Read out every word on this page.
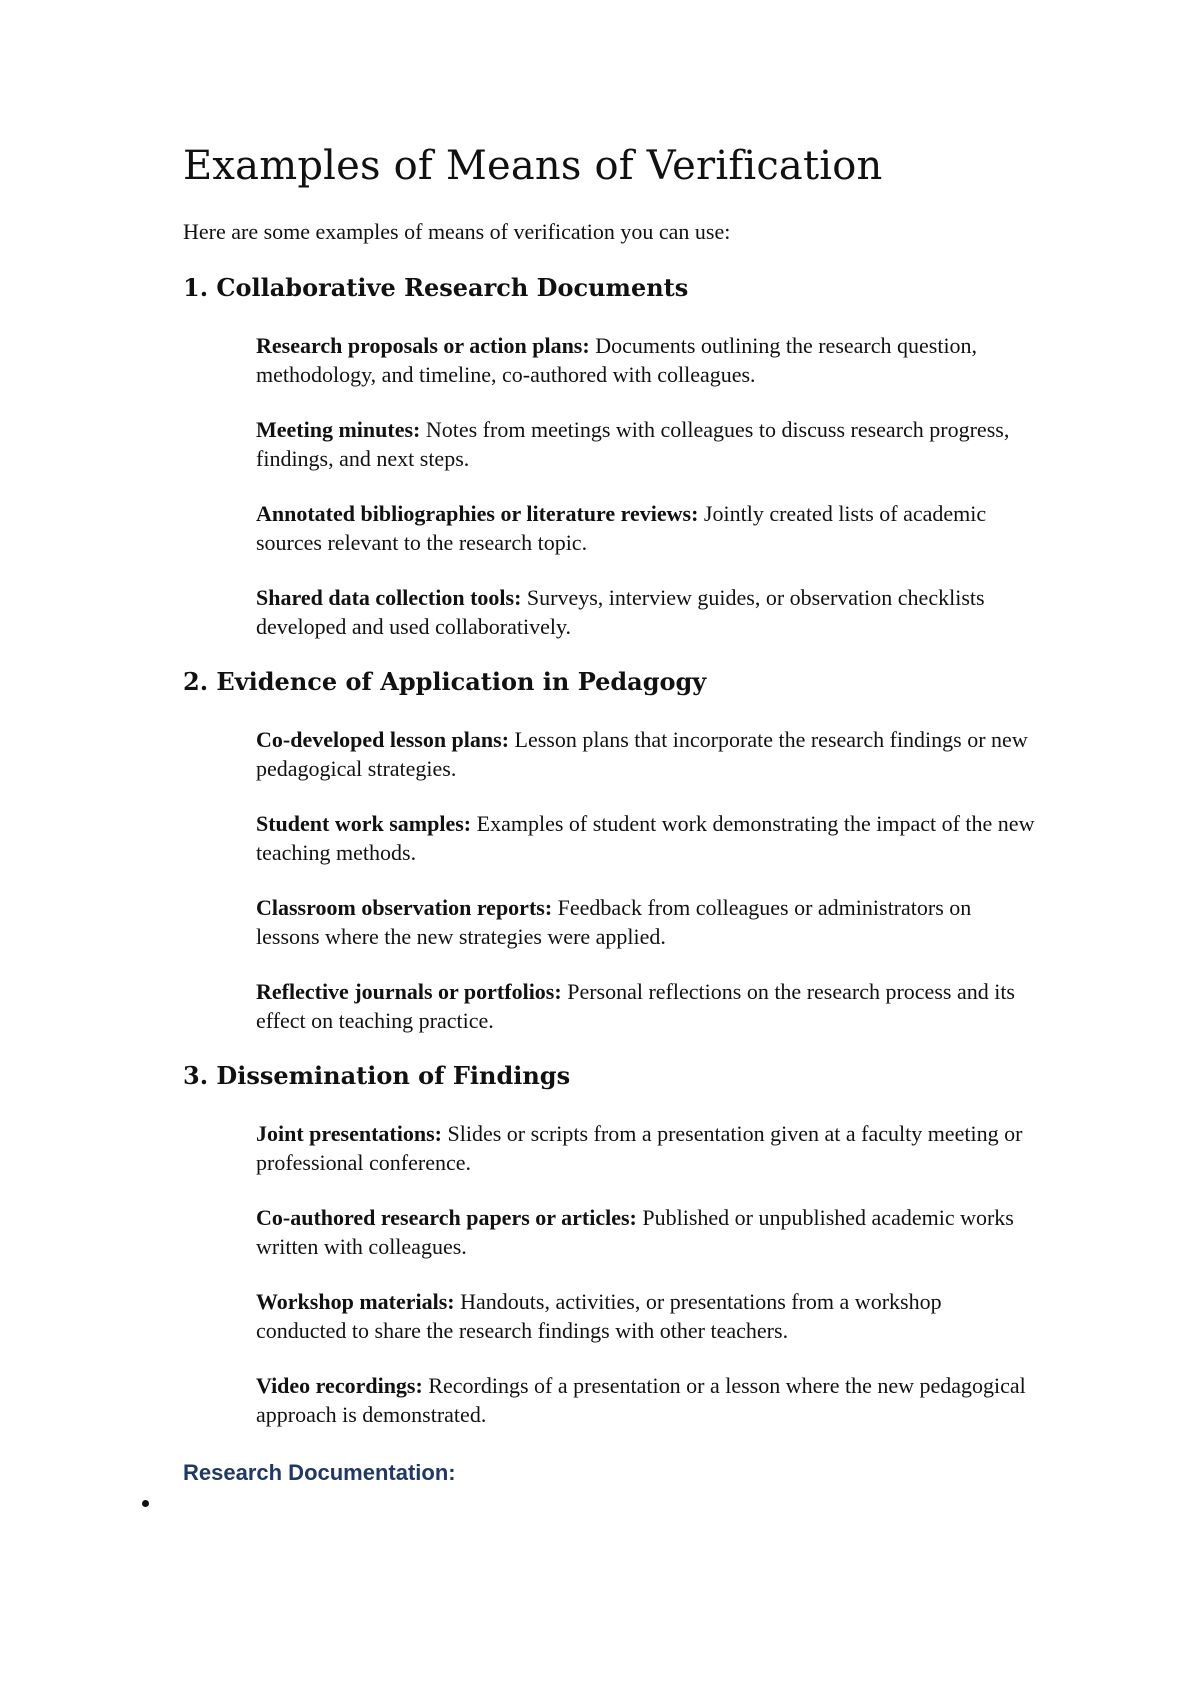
Examples of Means of Verification

Here are some examples of means of verification you can use:

1. Collaborative Research Documents

Research proposals or action plans: Documents outlining the research question, methodology, and timeline, co-authored with colleagues.

Meeting minutes: Notes from meetings with colleagues to discuss research progress, findings, and next steps.

Annotated bibliographies or literature reviews: Jointly created lists of academic sources relevant to the research topic.

Shared data collection tools: Surveys, interview guides, or observation checklists developed and used collaboratively.

2. Evidence of Application in Pedagogy

Co-developed lesson plans: Lesson plans that incorporate the research findings or new pedagogical strategies.

Student work samples: Examples of student work demonstrating the impact of the new teaching methods.

Classroom observation reports: Feedback from colleagues or administrators on lessons where the new strategies were applied.

Reflective journals or portfolios: Personal reflections on the research process and its effect on teaching practice.

3. Dissemination of Findings

Joint presentations: Slides or scripts from a presentation given at a faculty meeting or professional conference.

Co-authored research papers or articles: Published or unpublished academic works written with colleagues.

Workshop materials: Handouts, activities, or presentations from a workshop conducted to share the research findings with other teachers.

Video recordings: Recordings of a presentation or a lesson where the new pedagogical approach is demonstrated.

Research Documentation:
